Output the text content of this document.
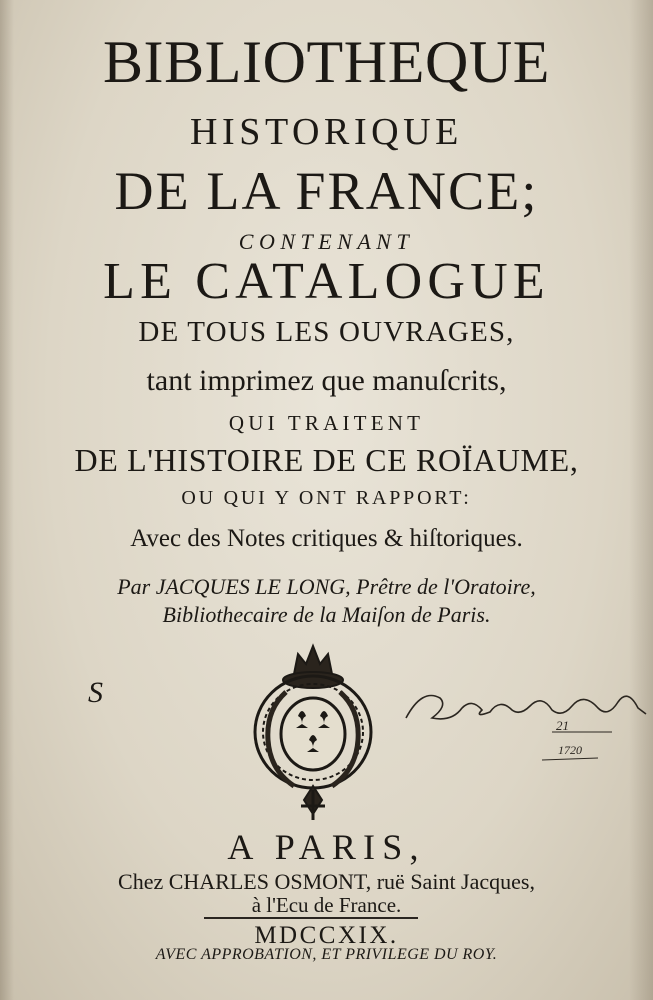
BIBLIOTHEQUE
HISTORIQUE
DE LA FRANCE;
CONTENANT
LE CATALOGUE
DE TOUS LES OUVRAGES,
tant imprimez que manuſcrits,
QUI TRAITENT
DE L'HISTOIRE DE CE ROÏAUME,
OU QUI Y ONT RAPPORT:
Avec des Notes critiques & hiſtoriques.
Par JACQUES LE LONG, Prêtre de l'Oratoire,
Bibliothecaire de la Maiſon de Paris.
S
21
1720
A PARIS,
Chez CHARLES OSMONT, ruë Saint Jacques,
à l'Ecu de France.
MDCCXIX.
AVEC APPROBATION, ET PRIVILEGE DU ROY.
